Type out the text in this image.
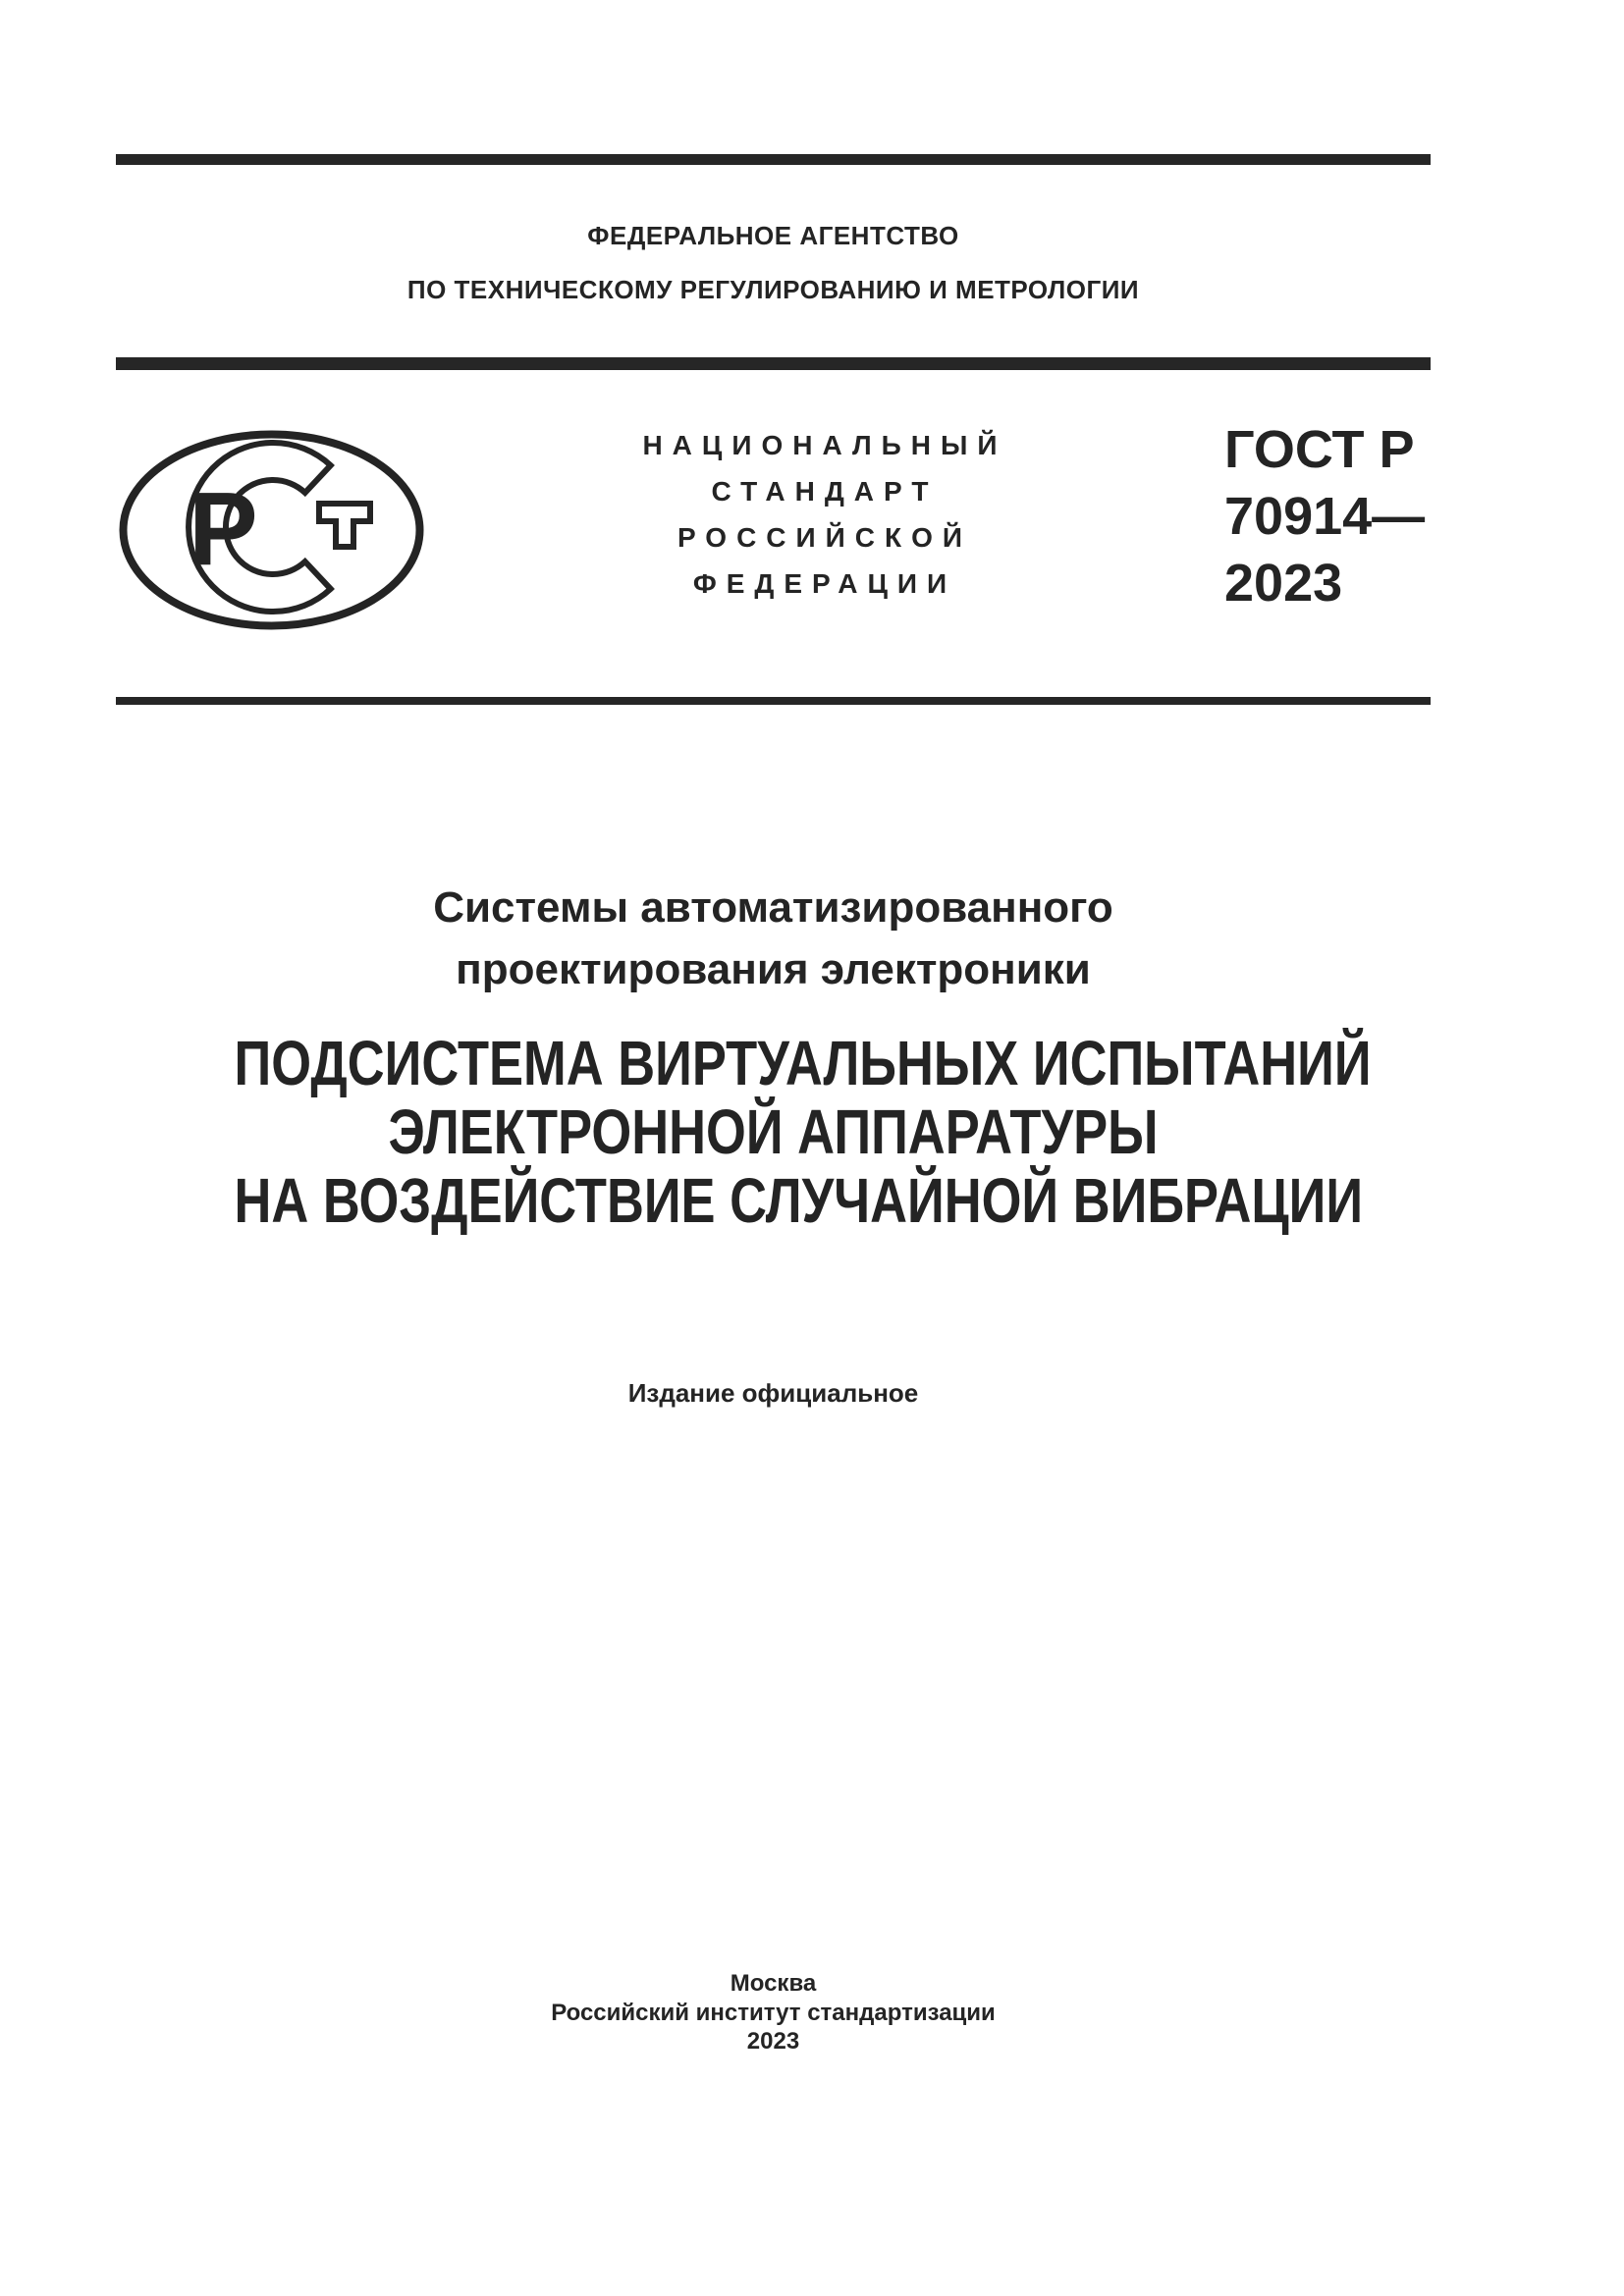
ФЕДЕРАЛЬНОЕ АГЕНТСТВО
ПО ТЕХНИЧЕСКОМУ РЕГУЛИРОВАНИЮ И МЕТРОЛОГИИ
Р
НАЦИОНАЛЬНЫЙ
СТАНДАРТ
РОССИЙСКОЙ
ФЕДЕРАЦИИ
ГОСТ Р
70914—
2023
Системы автоматизированного
проектирования электроники
ПОДСИСТЕМА ВИРТУАЛЬНЫХ ИСПЫТАНИЙ
ЭЛЕКТРОННОЙ АППАРАТУРЫ
НА ВОЗДЕЙСТВИЕ СЛУЧАЙНОЙ ВИБРАЦИИ
Издание официальное
Москва
Российский институт стандартизации
2023
